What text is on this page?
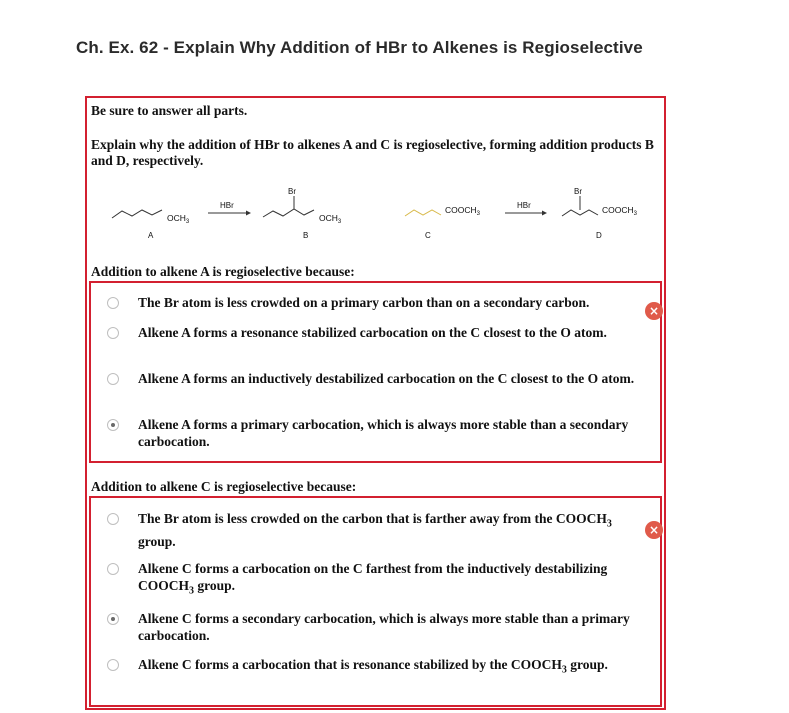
Ch. Ex. 62 - Explain Why Addition of HBr to Alkenes is Regioselective
Be sure to answer all parts.
Explain why the addition of HBr to alkenes A and C is regioselective, forming addition products B and D, respectively.
$OCH_3$
A
HBr
Br
$OCH_3$
B
$COOCH_3$
C
HBr
Br
$COOCH_3$
D
Addition to alkene A is regioselective because:
×
The Br atom is less crowded on a primary carbon than on a secondary carbon.
Alkene A forms a resonance stabilized carbocation on the C closest to the O atom.
Alkene A forms an inductively destabilized carbocation on the C closest to the O atom.
Alkene A forms a primary carbocation, which is always more stable than a secondary carbocation.
Addition to alkene C is regioselective because:
×
The Br atom is less crowded on the carbon that is farther away from the $COOCH_3$ group.
Alkene C forms a carbocation on the C farthest from the inductively destabilizing $COOCH_3$ group.
Alkene C forms a secondary carbocation, which is always more stable than a primary carbocation.
Alkene C forms a carbocation that is resonance stabilized by the $COOCH_3$ group.
